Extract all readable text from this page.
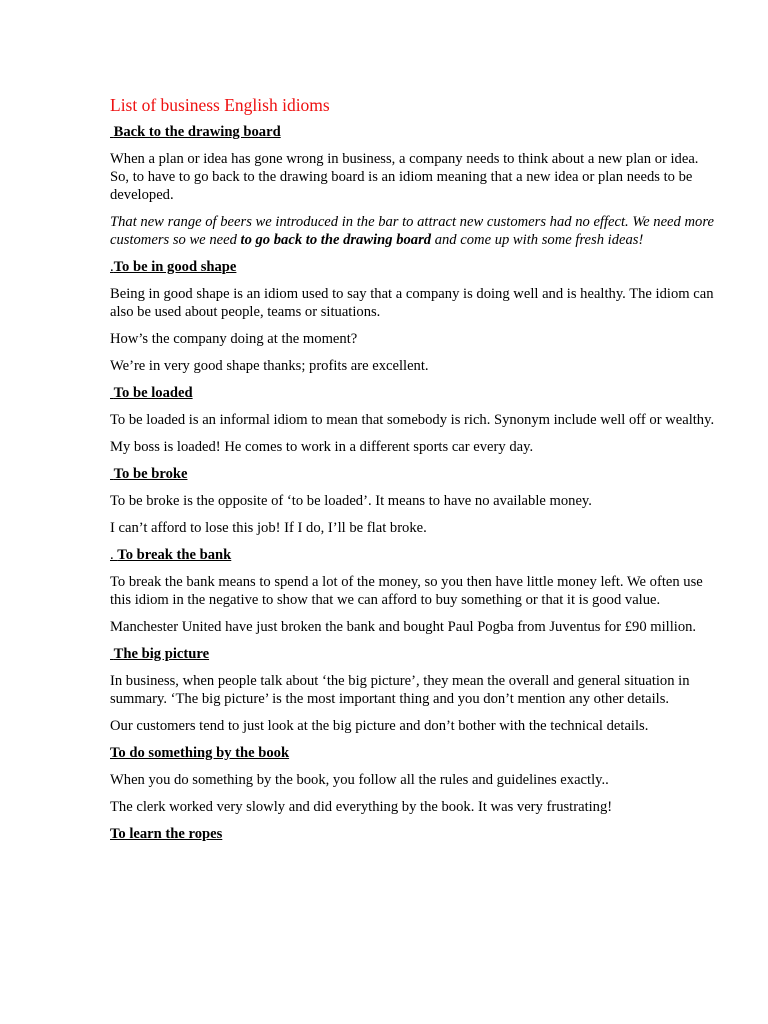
List of business English idioms
Back to the drawing board

When a plan or idea has gone wrong in business, a company needs to think about a new plan or idea. So, to have to go back to the drawing board is an idiom meaning that a new idea or plan needs to be developed.

That new range of beers we introduced in the bar to attract new customers had no effect. We need more customers so we need to go back to the drawing board and come up with some fresh ideas!

.To be in good shape

Being in good shape is an idiom used to say that a company is doing well and is healthy. The idiom can also be used about people, teams or situations.

How’s the company doing at the moment?

We’re in very good shape thanks; profits are excellent.

To be loaded

To be loaded is an informal idiom to mean that somebody is rich. Synonym include well off or wealthy.

My boss is loaded! He comes to work in a different sports car every day.

To be broke

To be broke is the opposite of ‘to be loaded’. It means to have no available money.

I can’t afford to lose this job! If I do, I’ll be flat broke.

. To break the bank

To break the bank means to spend a lot of the money, so you then have little money left. We often use this idiom in the negative to show that we can afford to buy something or that it is good value.

Manchester United have just broken the bank and bought Paul Pogba from Juventus for £90 million.

The big picture

In business, when people talk about ‘the big picture’, they mean the overall and general situation in summary. ‘The big picture’ is the most important thing and you don’t mention any other details.

Our customers tend to just look at the big picture and don’t bother with the technical details.

To do something by the book

When you do something by the book, you follow all the rules and guidelines exactly..

The clerk worked very slowly and did everything by the book. It was very frustrating!

To learn the ropes
